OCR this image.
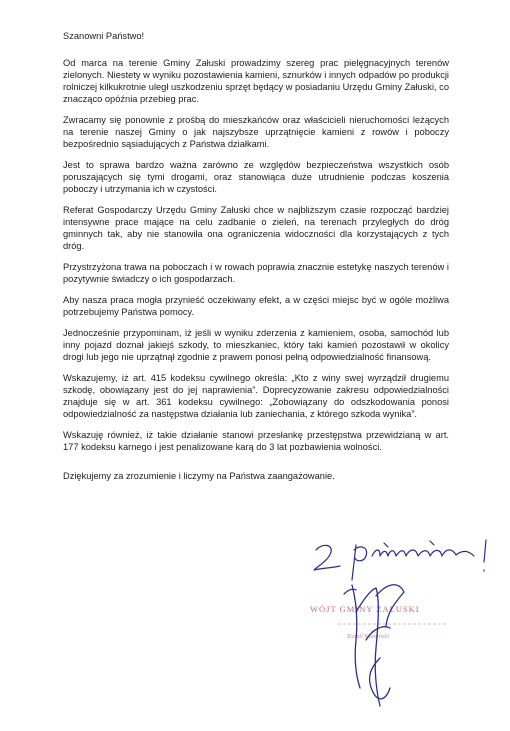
Szanowni Państwo!

Od marca na terenie Gminy Załuski prowadzimy szereg prac pielęgnacyjnych terenów zielonych. Niestety w wyniku pozostawienia kamieni, sznurków i innych odpadów po produkcji rolniczej kilkukrotnie uległ uszkodzeniu sprzęt będący w posiadaniu Urzędu Gminy Załuski, co znacząco opóźnia przebieg prac.

Zwracamy się ponownie z prośbą do mieszkańców oraz właścicieli nieruchomości leżących na terenie naszej Gminy o jak najszybsze uprzątnięcie kamieni z rowów i poboczy bezpośrednio sąsiadujących z Państwa działkami.

Jest to sprawa bardzo ważna zarówno ze względów bezpieczeństwa wszystkich osób poruszających się tymi drogami, oraz stanowiąca duże utrudnienie podczas koszenia poboczy i utrzymania ich w czystości.

Referat Gospodarczy Urzędu Gminy Załuski chce w najbliższym czasie rozpocząć bardziej intensywne prace mające na celu zadbanie o zieleń, na terenach przyległych do dróg gminnych tak, aby nie stanowiła ona ograniczenia widoczności dla korzystających z tych dróg.

Przystrzyżona trawa na poboczach i w rowach poprawia znacznie estetykę naszych terenów i pozytywnie świadczy o ich gospodarzach.

Aby nasza praca mogła przynieść oczekiwany efekt, a w części miejsc być w ogóle możliwa potrzebujemy Państwa pomocy.

Jednocześnie przypominam, iż jeśli w wyniku zderzenia z kamieniem, osoba, samochód lub inny pojazd doznał jakiejś szkody, to mieszkaniec, który taki kamień pozostawił w okolicy drogi lub jego nie uprzątnął zgodnie z prawem ponosi pełną odpowiedzialność finansową.

Wskazujemy, iż art. 415 kodeksu cywilnego określa: „Kto z winy swej wyrządził drugiemu szkodę, obowiązany jest do jej naprawienia”. Doprecyzowanie zakresu odpowiedzialności znajduje się w art. 361 kodeksu cywilnego: „Zobowiązany do odszkodowania ponosi odpowiedzialność za następstwa działania lub zaniechania, z którego szkoda wynika”.

Wskazuję również, iż takie działanie stanowi przesłankę przestępstwa przewidzianą w art. 177 kodeksu karnego i jest penalizowane karą do 3 lat pozbawienia wolności.

Dziękujemy za zrozumienie i liczymy na Państwa zaangażowanie.

WÓJT GMINY ZAŁUSKI
Kamil Kamiński
